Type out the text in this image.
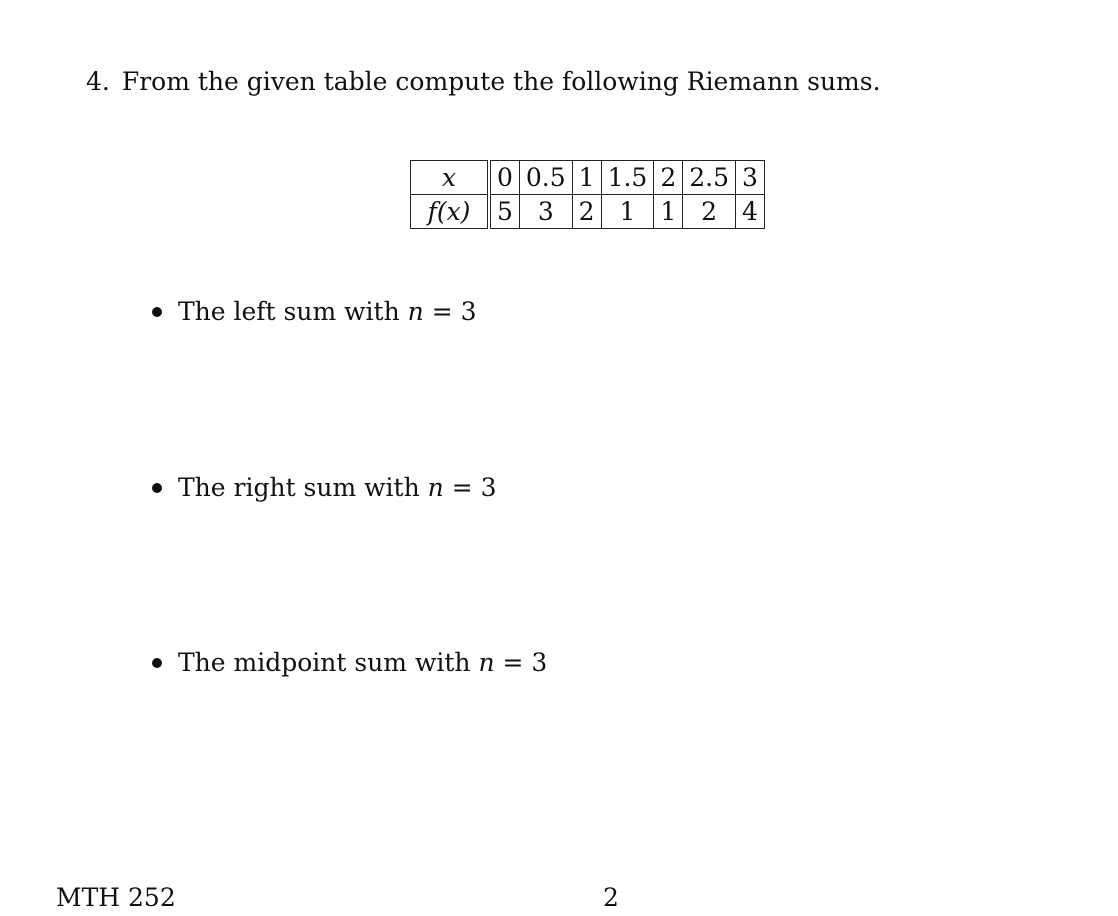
4. From the given table compute the following Riemann sums.
x	0	0.5	1	1.5	2	2.5	3
f(x)	5	3	2	1	1	2	4
The left sum with n = 3
The right sum with n = 3
The midpoint sum with n = 3
MTH 252	2
